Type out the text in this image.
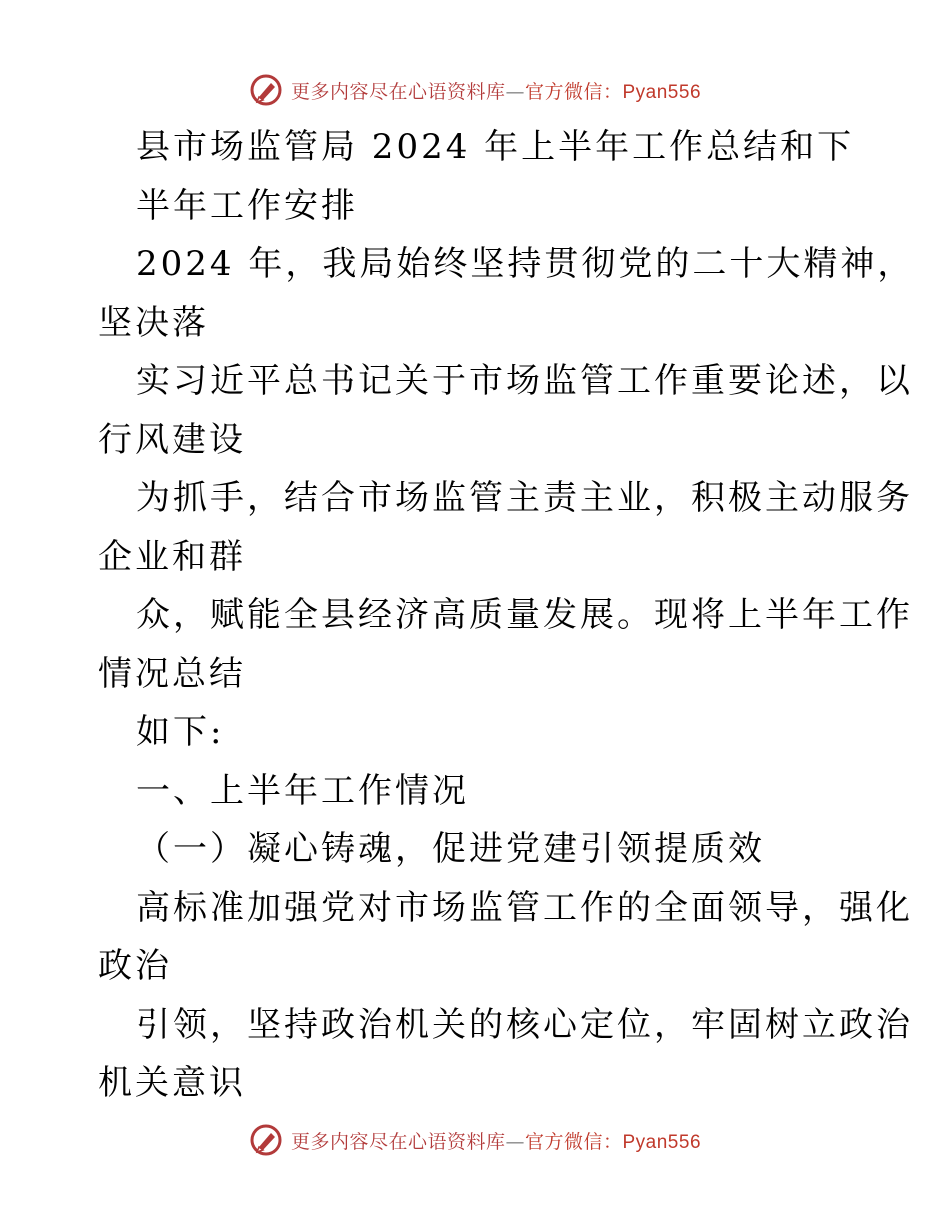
更多内容尽在心语资料库—官方微信：Pyan556
县市场监管局 2024 年上半年工作总结和下
半年工作安排
2024 年，我局始终坚持贯彻党的二十大精神，
坚决落
实习近平总书记关于市场监管工作重要论述，以
行风建设
为抓手，结合市场监管主责主业，积极主动服务
企业和群
众，赋能全县经济高质量发展。现将上半年工作
情况总结
如下:
一、上半年工作情况
（一）凝心铸魂，促进党建引领提质效
高标准加强党对市场监管工作的全面领导，强化
政治
引领，坚持政治机关的核心定位，牢固树立政治
机关意识
更多内容尽在心语资料库—官方微信：Pyan556
